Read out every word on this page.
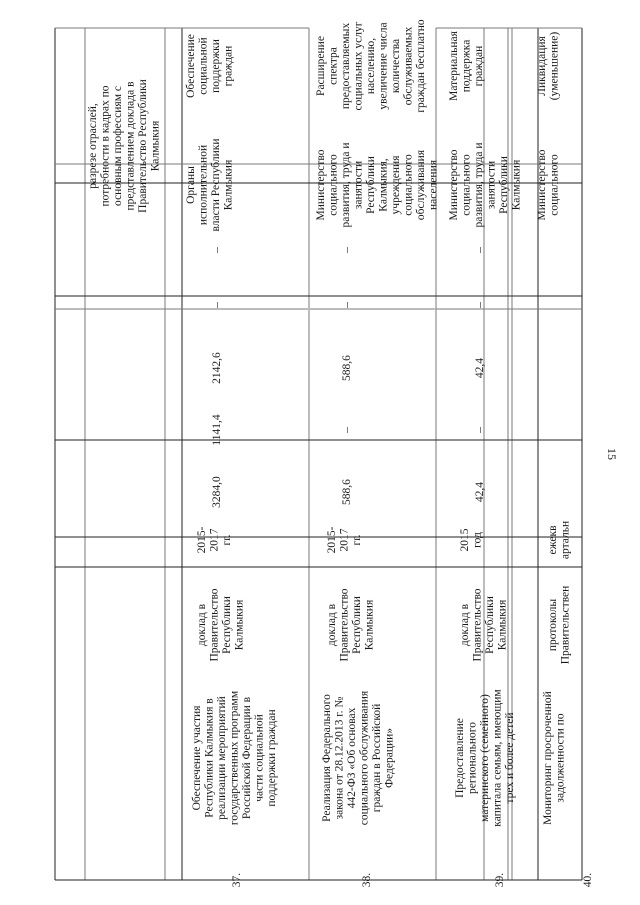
15
разрезе отраслей, потребности в кадрах по основным профессиям с представлением доклада в Правительство Республики Калмыкия
37.
Обеспечение участия Республики Калмыкия в реализации мероприятий государственных программ Российской Федерации в части социальной поддержки граждан
доклад в Правительство Республики Калмыкия
2015- 2017 гг.
3284,0
1141,4
2142,6
–
–
Органы исполнительной власти Республики Калмыкия
Обеспечение социальной поддержки граждан
38.
Реализация Федерального закона от 28.12.2013 г. № 442-ФЗ «Об основах социального обслуживания граждан в Российской Федерации»
доклад в Правительство Республики Калмыкия
2015- 2017 гг.
588,6
–
588,6
–
–
Министерство социального развития, труда и занятости Республики Калмыкия, учреждения социального обслуживания населения
Расширение спектра предоставляемых социальных услуг населению, увеличение числа количества обслуживаемых граждан бесплатно
39.
Предоставление регионального материнского (семейного) капитала семьям, имеющим трех и более детей
доклад в Правительство Республики Калмыкия
2015 год
42,4
–
42,4
–
–
Министерство социального развития, труда и занятости Республики Калмыкия
Материальная поддержка граждан
40.
Мониторинг просроченной задолженности по
протоколы Правительствен
ежекв артальн
Министерство социального
Ликвидация (уменьшение)
